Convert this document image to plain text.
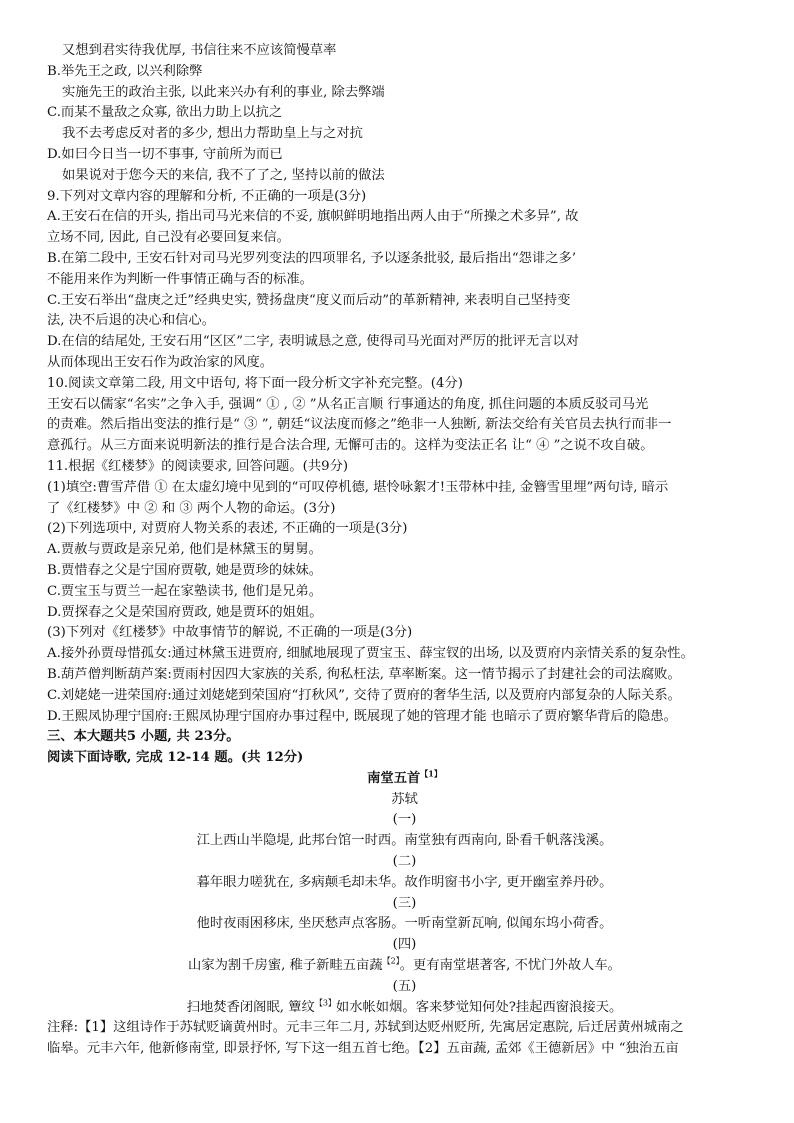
又想到君实待我优厚, 书信往来不应该简慢草率
B.举先王之政, 以兴利除弊
实施先王的政治主张, 以此来兴办有利的事业, 除去弊端
C.而某不量敌之众寡, 欲出力助上以抗之
我不去考虑反对者的多少, 想出力帮助皇上与之对抗
D.如曰今日当一切不事事, 守前所为而已
如果说对于您今天的来信, 我不了了之, 坚持以前的做法
9.下列对文章内容的理解和分析, 不正确的一项是(3分)
A.王安石在信的开头, 指出司马光来信的不妥, 旗帜鲜明地指出两人由于“所操之术多异”, 故
立场不同, 因此, 自己没有必要回复来信。
B.在第二段中, 王安石针对司马光罗列变法的四项罪名, 予以逐条批驳, 最后指出“怨诽之多’
不能用来作为判断一件事情正确与否的标准。
C.王安石举出“盘庚之迁”经典史实, 赞扬盘庚“度义而后动”的革新精神, 来表明自己坚持变
法, 决不后退的决心和信心。
D.在信的结尾处, 王安石用“区区”二字, 表明诚恳之意, 使得司马光面对严厉的批评无言以对
从而体现出王安石作为政治家的风度。
10.阅读文章第二段, 用文中语句, 将下面一段分析文字补充完整。(4分)
王安石以儒家“名实”之争入手, 强调“ ① , ② ”从名正言顺 行事通达的角度, 抓住问题的本质反驳司马光
的责难。然后指出变法的推行是“ ③ ”, 朝廷“议法度而修之”绝非一人独断, 新法交给有关官员去执行而非一
意孤行。从三方面来说明新法的推行是合法合理, 无懈可击的。这样为变法正名 让“ ④ ”之说不攻自破。
11.根据《红楼梦》的阅读要求, 回答问题。(共9分)
(1)填空:曹雪芹借 ① 在太虚幻境中见到的“可叹停机德, 堪怜咏絮才!玉带林中挂, 金簪雪里埋”两句诗, 暗示
了《红楼梦》中 ② 和 ③ 两个人物的命运。(3分)
(2)下列选项中, 对贾府人物关系的表述, 不正确的一项是(3分)
A.贾赦与贾政是亲兄弟, 他们是林黛玉的舅舅。
B.贾惜春之父是宁国府贾敬, 她是贾珍的妹妹。
C.贾宝玉与贾兰一起在家塾读书, 他们是兄弟。
D.贾探春之父是荣国府贾政, 她是贾环的姐姐。
(3)下列对《红楼梦》中故事情节的解说, 不正确的一项是(3分)
A.接外孙贾母惜孤女:通过林黛玉进贾府, 细腻地展现了贾宝玉、薛宝钗的出场, 以及贾府内亲情关系的复杂性。
B.葫芦僧判断葫芦案:贾雨村因四大家族的关系, 徇私枉法, 草率断案。这一情节揭示了封建社会的司法腐败。
C.刘姥姥一进荣国府:通过刘姥姥到荣国府“打秋风”, 交待了贾府的奢华生活, 以及贾府内部复杂的人际关系。
D.王熙凤协理宁国府:王熙凤协理宁国府办事过程中, 既展现了她的管理才能 也暗示了贾府繁华背后的隐患。
三、本大题共5 小题, 共 23分。
阅读下面诗歌, 完成 12-14 题。(共 12分)
南堂五首$^{【1】}$
苏轼
(一)
江上西山半隐堤, 此邦台馆一时西。南堂独有西南向, 卧看千帆落浅溪。
(二)
暮年眼力嗟犹在, 多病颠毛却未华。故作明窗书小字, 更开幽室养丹砂。
(三)
他时夜雨困移床, 坐厌愁声点客肠。一听南堂新瓦响, 似闻东坞小荷香。
(四)
山家为割千房蜜, 稚子新畦五亩蔬$^{【2】}$。更有南堂堪著客, 不忧门外故人车。
(五)
扫地焚香闭阁眠, 簟纹$^{【3】}$如水帐如烟。客来梦觉知何处?挂起西窗浪接天。
注释:【1】这组诗作于苏轼贬谪黄州时。元丰三年二月, 苏轼到达贬州贬所, 先寓居定惠院, 后迁居黄州城南之
临皋。元丰六年, 他新修南堂, 即景抒怀, 写下这一组五首七绝。【2】五亩蔬, 孟郊《王德新居》中 “独治五亩
